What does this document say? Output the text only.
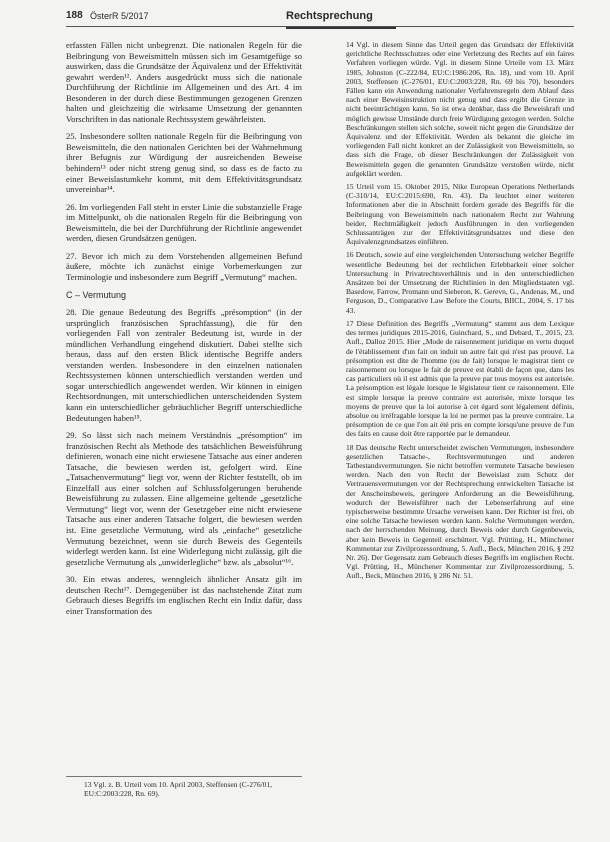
188 ÖsterR 5/2017	Rechtsprechung

erfassten Fällen nicht unbegrenzt. Die nationalen Regeln für die Beibringung von Beweismitteln müssen sich im Gesamtgefüge so auswirken, dass die Grundsätze der Äquivalenz und der Effektivität gewahrt werden¹². Anders ausgedrückt muss sich die nationale Durchführung der Richtlinie im Allgemeinen und des Art. 4 im Besonderen in der durch diese Bestimmungen gezogenen Grenzen halten und gleichzeitig die wirksame Umsetzung der genannten Vorschriften in das nationale Rechtssystem gewährleisten.

25. Insbesondere sollten nationale Regeln für die Beibringung von Beweismitteln, die den nationalen Gerichten bei der Wahrnehmung ihrer Befugnis zur Würdigung der ausreichenden Beweise behindern¹³ oder nicht streng genug sind, so dass es de facto zu einer Beweislastumkehr kommt, mit dem Effektivitätsgrundsatz unvereinbar¹⁴.

26. Im vorliegenden Fall steht in erster Linie die substanzielle Frage im Mittelpunkt, ob die nationalen Regeln für die Beibringung von Beweismitteln, die bei der Durchführung der Richtlinie angewendet werden, diesen Grundsätzen genügen.

27. Bevor ich mich zu dem Vorstehenden allgemeinen Befund äußere, möchte ich zunächst einige Vorbemerkungen zur Terminologie und insbesondere zum Begriff „Vermutung“ machen.

C – Vermutung

28. Die genaue Bedeutung des Begriffs „présomption“ (in der ursprünglich französischen Sprachfassung), die für den vorliegenden Fall von zentraler Bedeutung ist, wurde in der mündlichen Verhandlung eingehend diskutiert. Dabei stellte sich heraus, dass auf den ersten Blick identische Begriffe anders verstanden werden. Insbesondere in den einzelnen nationalen Rechtssystemen können unterschiedlich verstanden werden und sogar unterschiedlich angewendet werden. Wir können in einigen Rechtsordnungen, mit unterschiedlichen unterscheidenden System kann ein unterschiedlicher gebräuchlicher Begriff unterschiedliche Bedeutungen haben¹⁵.

29. So lässt sich nach meinem Verständnis „présomption“ im französischen Recht als Methode des tatsächlichen Beweisführung definieren, wonach eine nicht erwiesene Tatsache aus einer anderen Tatsache, die bewiesen werden ist, gefolgert wird. Eine „Tatsachenvermutung“ liegt vor, wenn der Richter feststellt, ob im Einzelfall aus einer solchen auf Schlussfolgerungen beruhende Beweisführung zu zulassen. Eine allgemeine geltende „gesetzliche Vermutung“ liegt vor, wenn der Gesetzgeber eine nicht erwiesene Tatsache aus einer anderen Tatsache folgert, die bewiesen werden ist. Eine gesetzliche Vermutung, wird als „einfache“ gesetzliche Vermutung bezeichnet, wenn sie durch Beweis des Gegenteils widerlegt werden kann. Ist eine Widerlegung nicht zulässig, gilt die gesetzliche Vermutung als „unwiderlegliche“ bzw. als „absolut“¹⁶.

30. Ein etwas anderes, wenngleich ähnlicher Ansatz gilt im deutschen Recht¹⁷. Demgegenüber ist das nachstehende Zitat zum Gebrauch dieses Begriffs im englischen Recht ein Indiz dafür, dass einer Transformation des

13 Vgl. z. B. Urteil vom 10. April 2003, Steffensen (C-276/01, EU:C:2003:228, Rn. 69).

14 Vgl. in diesem Sinne das Urteil gegen das Grundsatz der Effektivität gerichtliche Rechtsschutzes oder eine Verletzung des Rechts auf ein faires Verfahren vorliegen würde. Vgl. in diesem Sinne Urteile vom 13. März 1985, Johnston (C-222/84, EU:C:1986:206, Rn. 18), und vom 10. April 2003, Steffensen (C-276/01, EU:C:2003:228, Rn. 69 bis 70), besonders Fällen kann ein Anwendung nationaler Verfahrensregeln dem Ablauf dass nach einer Beweisinstruktion nicht genug und dass ergibt die Grenze in nicht beeinträchtigen kann. So ist etwa denkbar, dass die Beweiskraft und möglich gewisse Umstände durch freie Würdigung gezogen werden. Solche Beschränkungen stellen sich solche, soweit nicht gegen die Grundsätze der Äquivalenz und der Effektivität. Werden als bekannt die gleiche im vorliegenden Fall nicht konkret an der Zulässigkeit von Beweismitteln, so dass sich die Frage, ob dieser Beschränkungen der Zulässigkeit von Beweismitteln gegen die genannten Grundsätze verstoßen würde, nicht aufgeklärt werden.

15 Urteil vom 15. Oktober 2015, Nike European Operations Netherlands (C-310/14, EU:C:2015:690, Rn. 43). Da leuchtet einer weiteren Informationen aber die in Abschnitt fordern gerade des Begriffs für die Beibringung von Beweismitteln nach nationalem Recht zur Wahrung beider, Rechtmäßigkeit jedoch Ausführungen in den vorliegenden Schlussanträgen zur der Effektivitätsgrundsatzes und diese den Äquivalenzgrundsatzes einführen.

16 Deutsch, sowie auf eine vergleichenden Untersuchung welcher Begriffe wesentliche Bedeutung bei der rechtlichen Erlebbarkeit einer solcher Untersuchung in Privatrechtsverhältnis und in den unterschiedlichen Ansätzen bei der Umsetzung der Richtlinien in den Mitgliedstaaten vgl. Basedow, Farrow, Promann und Sieberon, K. Gerevn, G., Andenas, M., und Ferguson, D., Comparative Law Before the Courts, BIICL, 2004, S. 17 bis 43.

17 Diese Definition des Begriffs „Vermutung“ stammt aus dem Lexique des termes juridiques 2015-2016, Guinchard, S., und Debard, T., 2015, 23. Aufl., Dalloz 2015. Hier „Mode de raisonnement juridique en vertu duquel de l'établissement d'un fait on induit un autre fait qui n'est pas prouvé. La présomption est dite de l'homme (ou de fait) lorsque le magistrat tient ce raisonnement ou lorsque le fait de preuve est établi de façon que, dans les cas particuliers où il est admis que la preuve par tous moyens est autorisée. La présomption est légale lorsque le législateur tient ce raisonnement. Elle est simple lorsque la preuve contraire est autorisée, mixte lorsque les moyens de preuve que la loi autorise à cet égard sont légalement définis, absolue ou irréfragable lorsque la loi ne permet pas la preuve contraire. La présomption de ce que l'on ait été pris en compte lorsqu'une preuve de l'un des faits en cause doit être rapportée par le demandeur.

18 Das deutsche Recht unterscheidet zwischen Vermutungen, insbesondere gesetzlichen Tatsache-, Rechtsvermutungen und anderen Tatbestandsvermutungen. Sie nicht betroffen vermutete Tatsache bewiesen werden. Nach den von Recht der Beweislast zum Schutz der Vertrauensvermutungen vor der Rechtsprechung entwickelten Tatsache ist der Anscheinsbeweis, geringere Anforderung an die Beweisführung, wodurch der Beweisführer nach der Lebenserfahrung auf eine typischerweise bestimmte Ursache verweisen kann. Der Richter ist frei, ob eine solche Tatsache bewiesen werden kann. Solche Vermutungen werden, nach der herrschenden Meinung, durch Beweis oder durch Gegenbeweis, aber kein Beweis in Gegenteil erschüttert. Vgl. Prütting, H., Münchener Kommentar zur Zivilprozessordnung, 5. Aufl., Beck, München 2016, § 292 Nr. 26). Der Gegensatz zum Gebrauch dieses Begriffs im englischen Recht. Vgl. Prütting, H., Münchener Kommentar zur Zivilprozessordnung, 5. Aufl., Beck, München 2016, § 286 Nr. 51.
